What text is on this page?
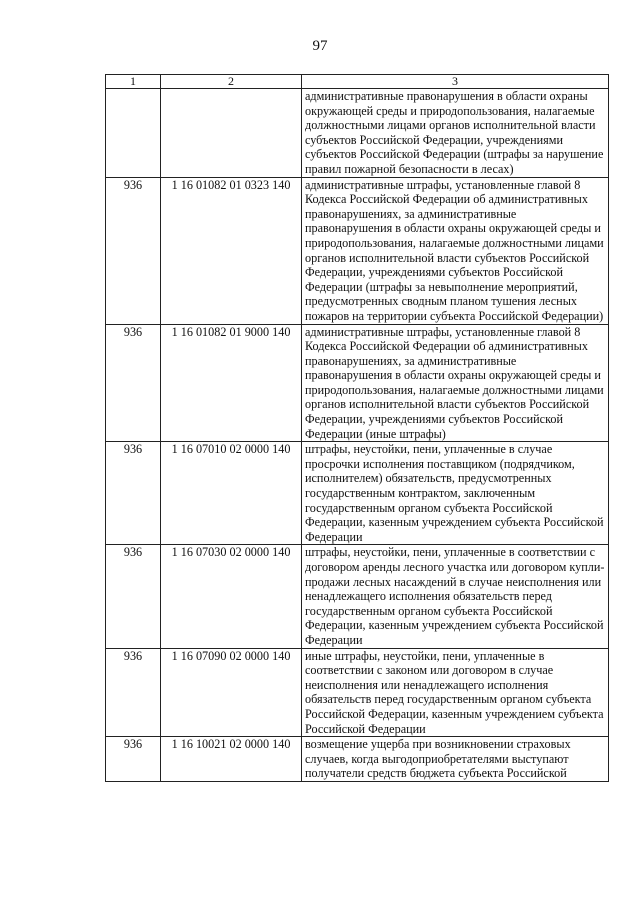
97
1	2	3
		административные правонарушения в области охраны окружающей среды и природопользования, налагаемые должностными лицами органов исполнительной власти субъектов Российской Федерации, учреждениями субъектов Российской Федерации (штрафы за нарушение правил пожарной безопасности в лесах)
936	1 16 01082 01 0323 140	административные штрафы, установленные главой 8 Кодекса Российской Федерации об административных правонарушениях, за административные правонарушения в области охраны окружающей среды и природопользования, налагаемые должностными лицами органов исполнительной власти субъектов Российской Федерации, учреждениями субъектов Российской Федерации (штрафы за невыполнение мероприятий, предусмотренных сводным планом тушения лесных пожаров на территории субъекта Российской Федерации)
936	1 16 01082 01 9000 140	административные штрафы, установленные главой 8 Кодекса Российской Федерации об административных правонарушениях, за административные правонарушения в области охраны окружающей среды и природопользования, налагаемые должностными лицами органов исполнительной власти субъектов Российской Федерации, учреждениями субъектов Российской Федерации (иные штрафы)
936	1 16 07010 02 0000 140	штрафы, неустойки, пени, уплаченные в случае просрочки исполнения поставщиком (подрядчиком, исполнителем) обязательств, предусмотренных государственным контрактом, заключенным государственным органом субъекта Российской Федерации, казенным учреждением субъекта Российской Федерации
936	1 16 07030 02 0000 140	штрафы, неустойки, пени, уплаченные в соответствии с договором аренды лесного участка или договором купли-продажи лесных насаждений в случае неисполнения или ненадлежащего исполнения обязательств перед государственным органом субъекта Российской Федерации, казенным учреждением субъекта Российской Федерации
936	1 16 07090 02 0000 140	иные штрафы, неустойки, пени, уплаченные в соответствии с законом или договором в случае неисполнения или ненадлежащего исполнения обязательств перед государственным органом субъекта Российской Федерации, казенным учреждением субъекта Российской Федерации
936	1 16 10021 02 0000 140	возмещение ущерба при возникновении страховых случаев, когда выгодоприобретателями выступают получатели средств бюджета субъекта Российской
